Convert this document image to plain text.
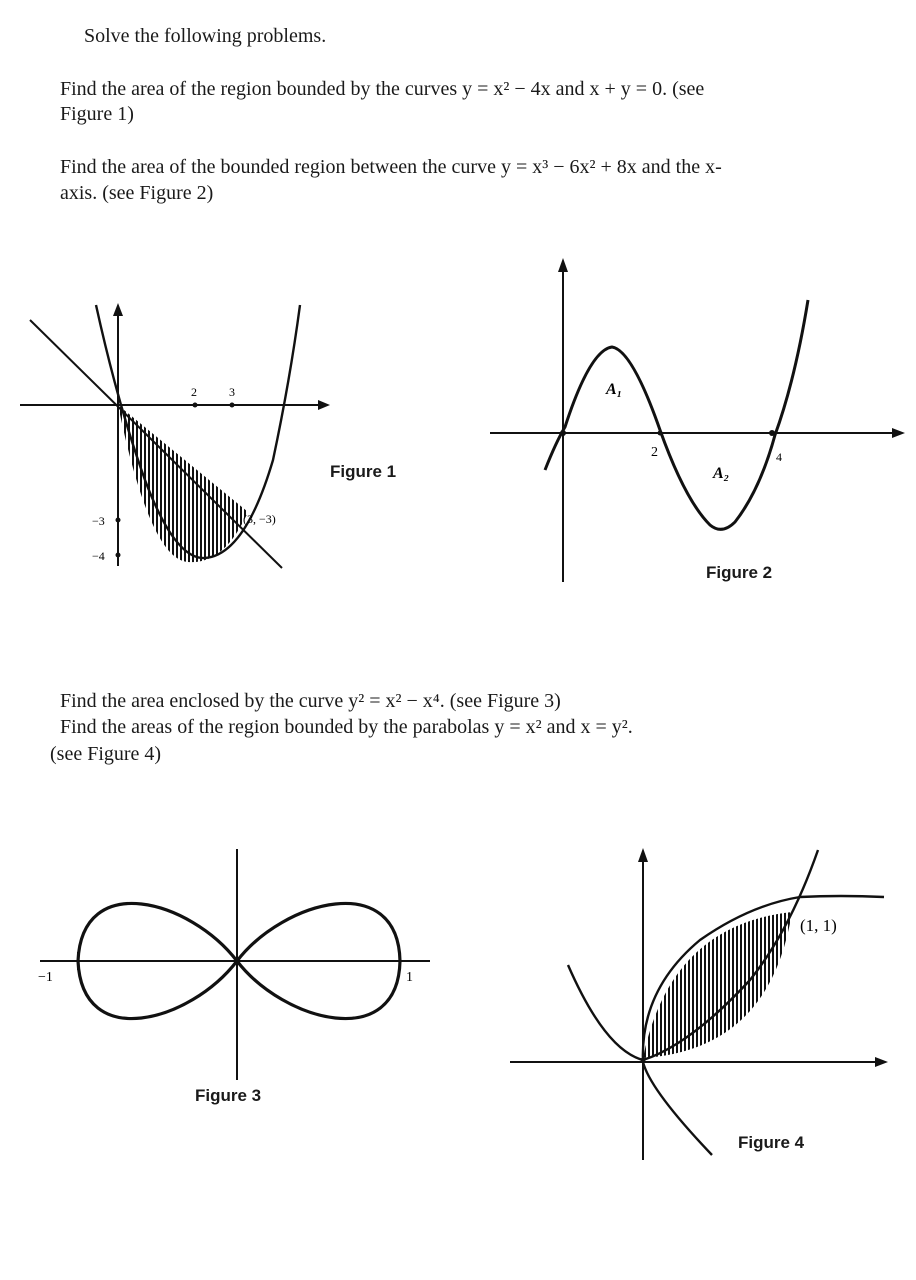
Solve the following problems.
Find the area of the region bounded by the curves y = x² − 4x and x + y = 0. (see
Figure 1)
Find the area of the bounded region between the curve y = x³ − 6x² + 8x and the x-
axis. (see Figure 2)
Find the area enclosed by the curve y² = x² − x⁴. (see Figure 3)
Find the areas of the region bounded by the parabolas y = x² and x = y².
(see Figure 4)
2	3
−3
−4
(3, −3)
2	4
A₁
A₂
−1	1
(1, 1)
Figure 1
Figure 2
Figure 3
Figure 4
